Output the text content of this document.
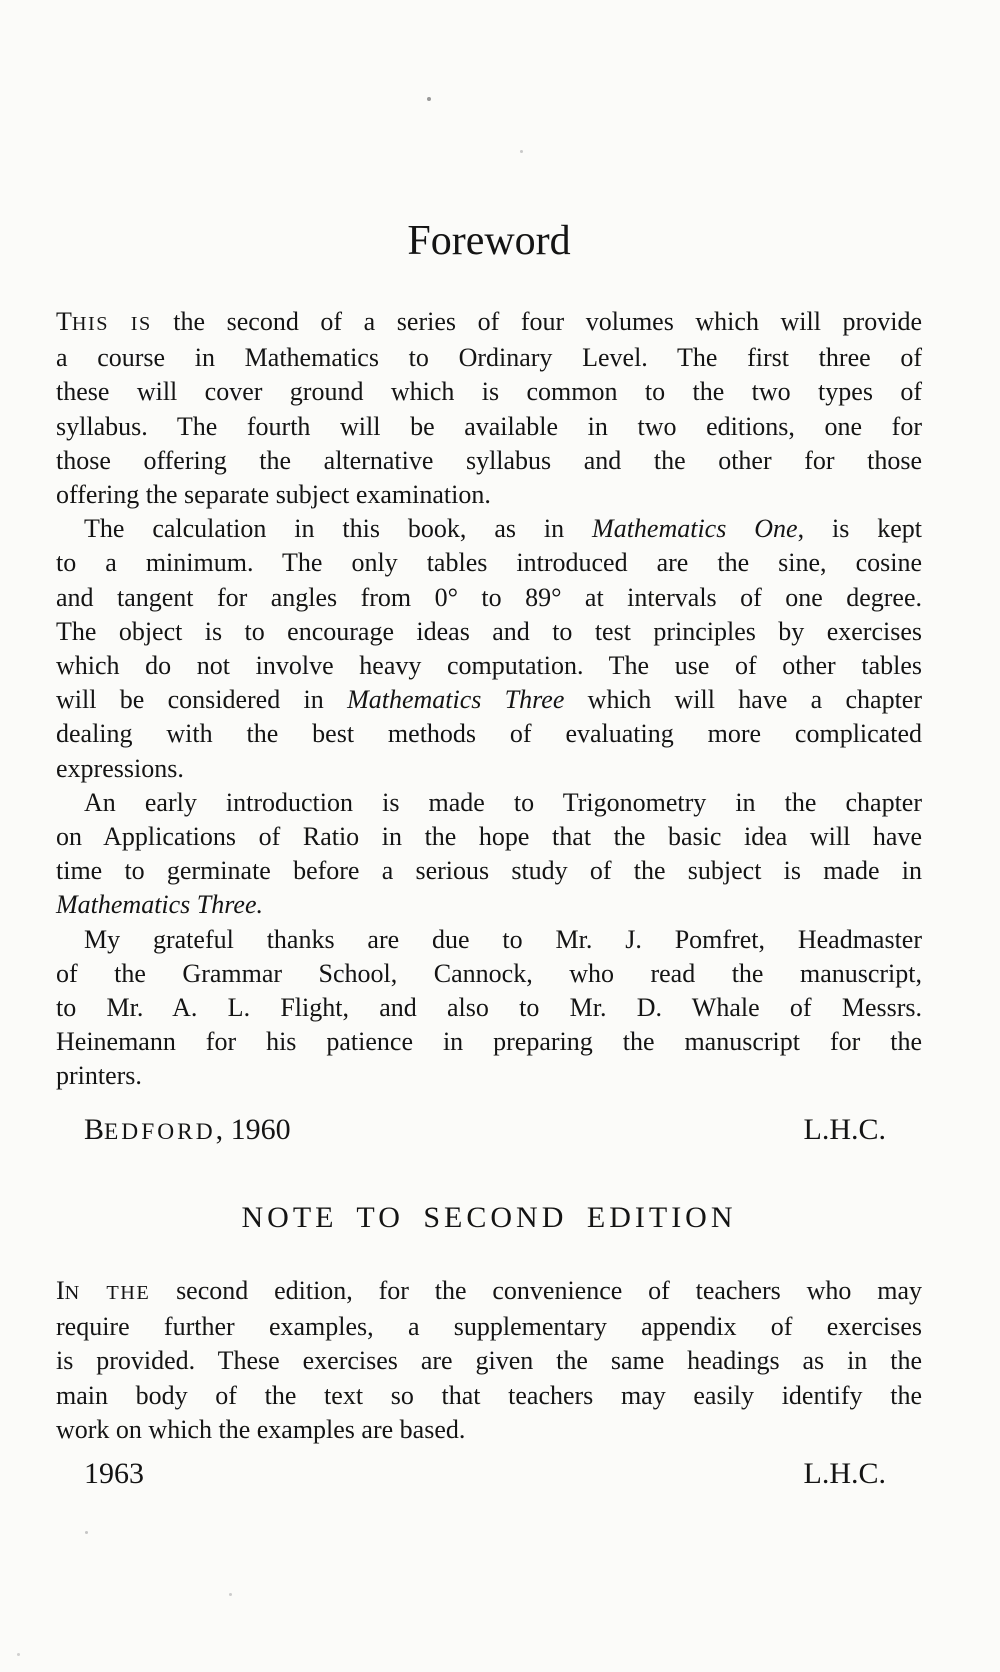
Foreword

THIS IS the second of a series of four volumes which will provide
a course in Mathematics to Ordinary Level. The first three of
these will cover ground which is common to the two types of
syllabus. The fourth will be available in two editions, one for
those offering the alternative syllabus and the other for those
offering the separate subject examination.

The calculation in this book, as in Mathematics One, is kept
to a minimum. The only tables introduced are the sine, cosine
and tangent for angles from 0° to 89° at intervals of one degree.
The object is to encourage ideas and to test principles by exercises
which do not involve heavy computation. The use of other tables
will be considered in Mathematics Three which will have a chapter
dealing with the best methods of evaluating more complicated
expressions.

An early introduction is made to Trigonometry in the chapter
on Applications of Ratio in the hope that the basic idea will have
time to germinate before a serious study of the subject is made in
Mathematics Three.

My grateful thanks are due to Mr. J. Pomfret, Headmaster
of the Grammar School, Cannock, who read the manuscript,
to Mr. A. L. Flight, and also to Mr. D. Whale of Messrs.
Heinemann for his patience in preparing the manuscript for the
printers.

BEDFORD, 1960	L.H.C.
NOTE TO SECOND EDITION

IN THE second edition, for the convenience of teachers who may
require further examples, a supplementary appendix of exercises
is provided. These exercises are given the same headings as in the
main body of the text so that teachers may easily identify the
work on which the examples are based.

1963	L.H.C.
